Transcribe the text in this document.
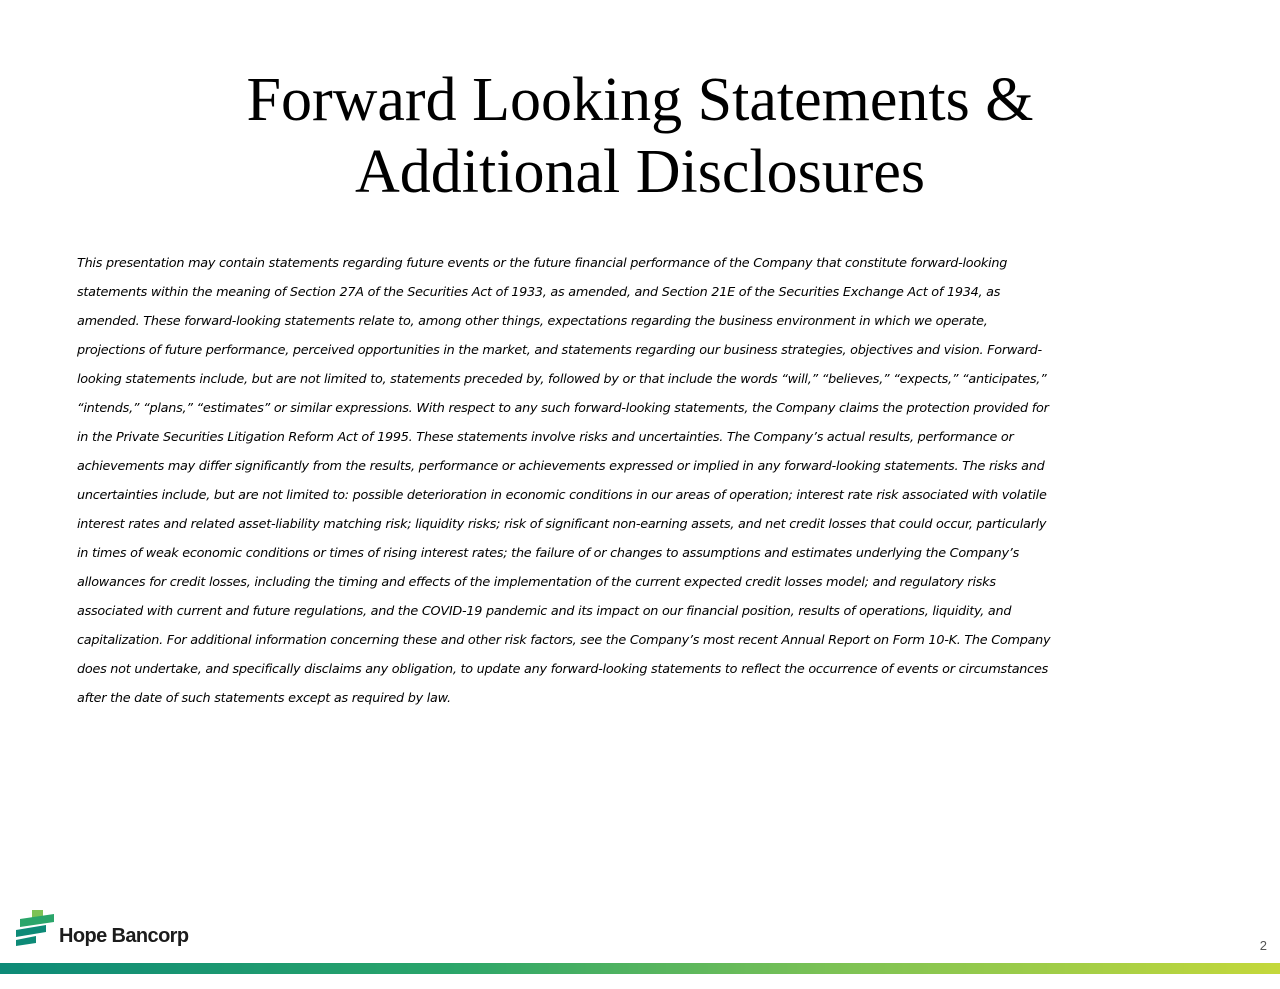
Forward Looking Statements &
Additional Disclosures
This presentation may contain statements regarding future events or the future financial performance of the Company that constitute forward-looking
statements within the meaning of Section 27A of the Securities Act of 1933, as amended, and Section 21E of the Securities Exchange Act of 1934, as
amended. These forward-looking statements relate to, among other things, expectations regarding the business environment in which we operate,
projections of future performance, perceived opportunities in the market, and statements regarding our business strategies, objectives and vision. Forward-
looking statements include, but are not limited to, statements preceded by, followed by or that include the words “will,” “believes,” “expects,” “anticipates,”
“intends,” “plans,” “estimates” or similar expressions. With respect to any such forward-looking statements, the Company claims the protection provided for
in the Private Securities Litigation Reform Act of 1995. These statements involve risks and uncertainties. The Company’s actual results, performance or
achievements may differ significantly from the results, performance or achievements expressed or implied in any forward-looking statements. The risks and
uncertainties include, but are not limited to: possible deterioration in economic conditions in our areas of operation; interest rate risk associated with volatile
interest rates and related asset-liability matching risk; liquidity risks; risk of significant non-earning assets, and net credit losses that could occur, particularly
in times of weak economic conditions or times of rising interest rates; the failure of or changes to assumptions and estimates underlying the Company’s
allowances for credit losses, including the timing and effects of the implementation of the current expected credit losses model; and regulatory risks
associated with current and future regulations, and the COVID-19 pandemic and its impact on our financial position, results of operations, liquidity, and
capitalization. For additional information concerning these and other risk factors, see the Company’s most recent Annual Report on Form 10-K. The Company
does not undertake, and specifically disclaims any obligation, to update any forward-looking statements to reflect the occurrence of events or circumstances
after the date of such statements except as required by law.
Hope Bancorp	2
